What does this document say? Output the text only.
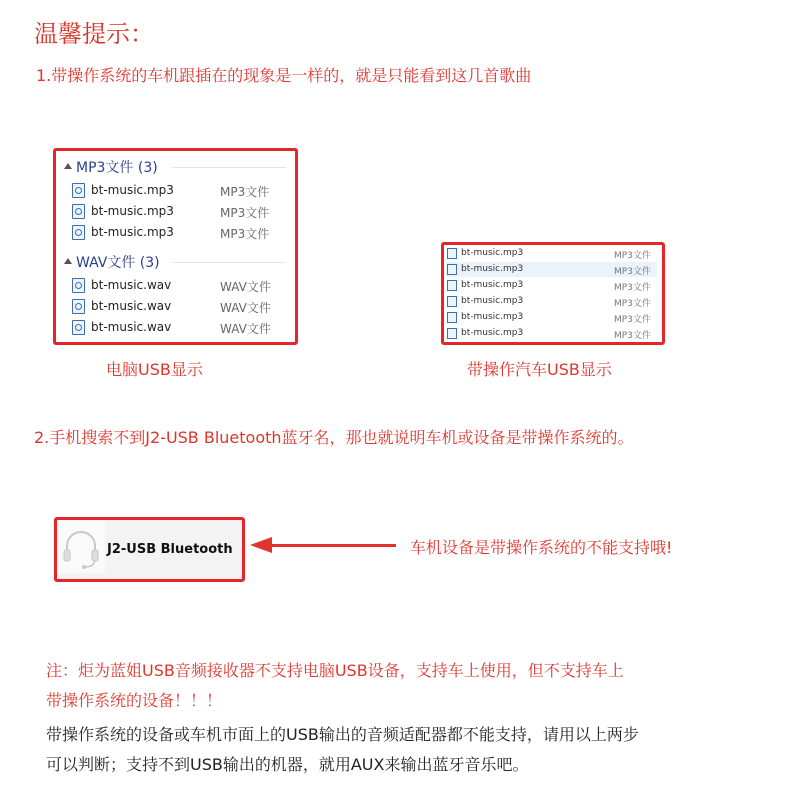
温馨提示：
1.带操作系统的车机跟插在的现象是一样的，就是只能看到这几首歌曲
MP3文件 (3)
bt-music.mp3	MP3文件
bt-music.mp3	MP3文件
bt-music.mp3	MP3文件
WAV文件 (3)
bt-music.wav	WAV文件
bt-music.wav	WAV文件
bt-music.wav	WAV文件
电脑USB显示
bt-music.mp3	MP3文件
bt-music.mp3	MP3文件
bt-music.mp3	MP3文件
bt-music.mp3	MP3文件
bt-music.mp3	MP3文件
bt-music.mp3	MP3文件
带操作汽车USB显示
2.手机搜索不到J2-USB Bluetooth蓝牙名，那也就说明车机或设备是带操作系统的。
J2-USB Bluetooth	车机设备是带操作系统的不能支持哦!
注：炬为蓝姐USB音频接收器不支持电脑USB设备，支持车上使用，但不支持车上
带操作系统的设备！！！
带操作系统的设备或车机市面上的USB输出的音频适配器都不能支持，请用以上两步
可以判断；支持不到USB输出的机器，就用AUX来输出蓝牙音乐吧。
